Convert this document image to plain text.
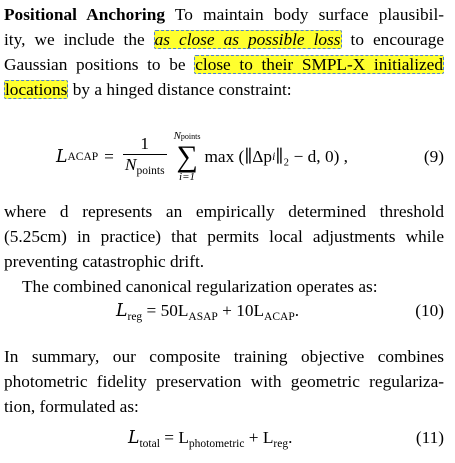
Positional Anchoring To maintain body surface plausibil-
ity, we include the as close as possible loss to encourage
Gaussian positions to be close to their SMPL-X initialized
locations by a hinged distance constraint:
L ACAP = $\frac{1}{N_{points}}$ Npoints
∑
i=1
max (∥Δp i ∥₂ − d, 0) ,	(9)
where d represents an empirically determined threshold
(5.25cm) in practice) that permits local adjustments while
preventing catastrophic drift.
The combined canonical regularization operates as:
$L_{reg} = 50L_{ASAP} + 10L_{ACAP}$.	(10)
In summary, our composite training objective combines
photometric fidelity preservation with geometric regulariza-
tion, formulated as:
$L_{total} = L_{photometric} + L_{reg}$.	(11)
